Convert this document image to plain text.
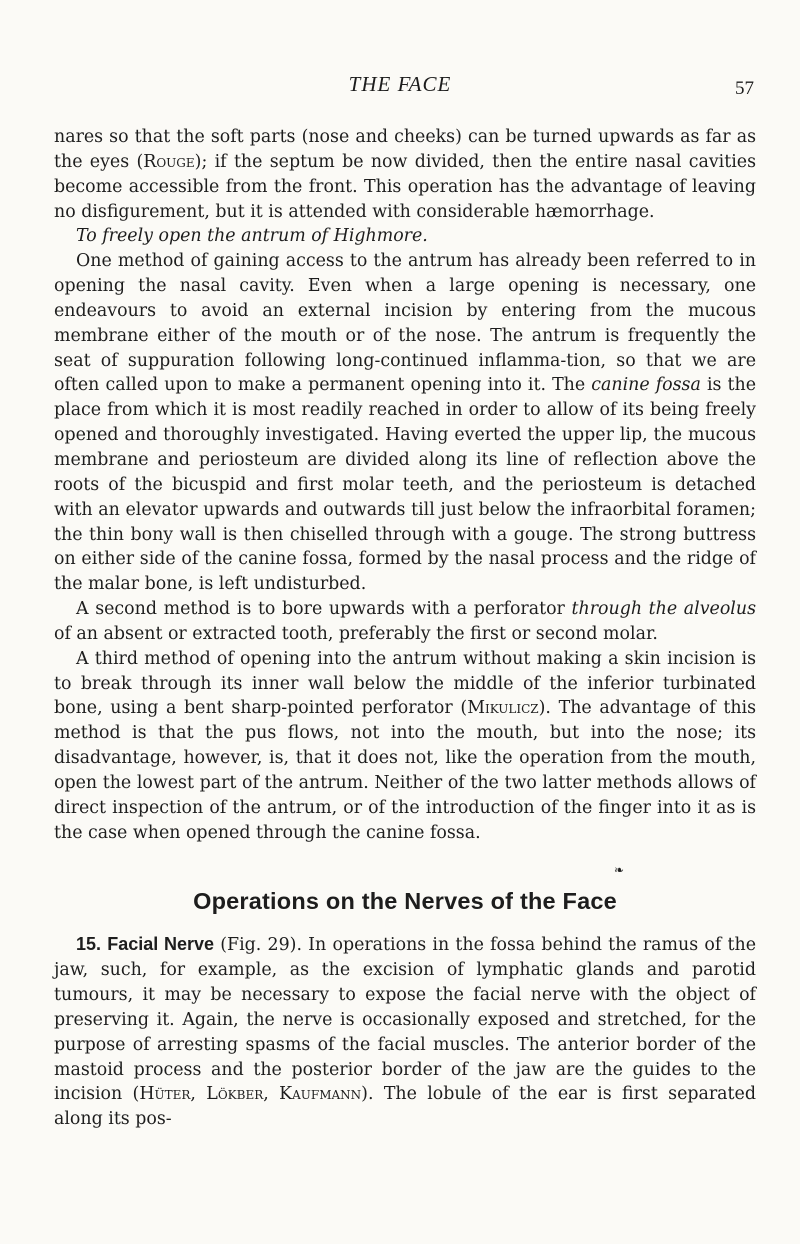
THE FACE	57

nares so that the soft parts (nose and cheeks) can be turned upwards as far as the eyes (Rouge); if the septum be now divided, then the entire nasal cavities become accessible from the front. This operation has the advantage of leaving no disfigurement, but it is attended with considerable hæmorrhage.

To freely open the antrum of Highmore.

One method of gaining access to the antrum has already been referred to in opening the nasal cavity. Even when a large opening is necessary, one endeavours to avoid an external incision by entering from the mucous membrane either of the mouth or of the nose. The antrum is frequently the seat of suppuration following long-continued inflamma-tion, so that we are often called upon to make a permanent opening into it. The canine fossa is the place from which it is most readily reached in order to allow of its being freely opened and thoroughly investigated. Having everted the upper lip, the mucous membrane and periosteum are divided along its line of reflection above the roots of the bicuspid and first molar teeth, and the periosteum is detached with an elevator upwards and outwards till just below the infraorbital foramen; the thin bony wall is then chiselled through with a gouge. The strong buttress on either side of the canine fossa, formed by the nasal process and the ridge of the malar bone, is left undisturbed.

A second method is to bore upwards with a perforator through the alveolus of an absent or extracted tooth, preferably the first or second molar.

A third method of opening into the antrum without making a skin incision is to break through its inner wall below the middle of the inferior turbinated bone, using a bent sharp-pointed perforator (Mikulicz). The advantage of this method is that the pus flows, not into the mouth, but into the nose; its disadvantage, however, is, that it does not, like the operation from the mouth, open the lowest part of the antrum. Neither of the two latter methods allows of direct inspection of the antrum, or of the introduction of the finger into it as is the case when opened through the canine fossa.

❧
Operations on the Nerves of the Face

15. Facial Nerve (Fig. 29). In operations in the fossa behind the ramus of the jaw, such, for example, as the excision of lymphatic glands and parotid tumours, it may be necessary to expose the facial nerve with the object of preserving it. Again, the nerve is occasionally exposed and stretched, for the purpose of arresting spasms of the facial muscles. The anterior border of the mastoid process and the posterior border of the jaw are the guides to the incision (Hüter, Lökber, Kaufmann). The lobule of the ear is first separated along its pos-
